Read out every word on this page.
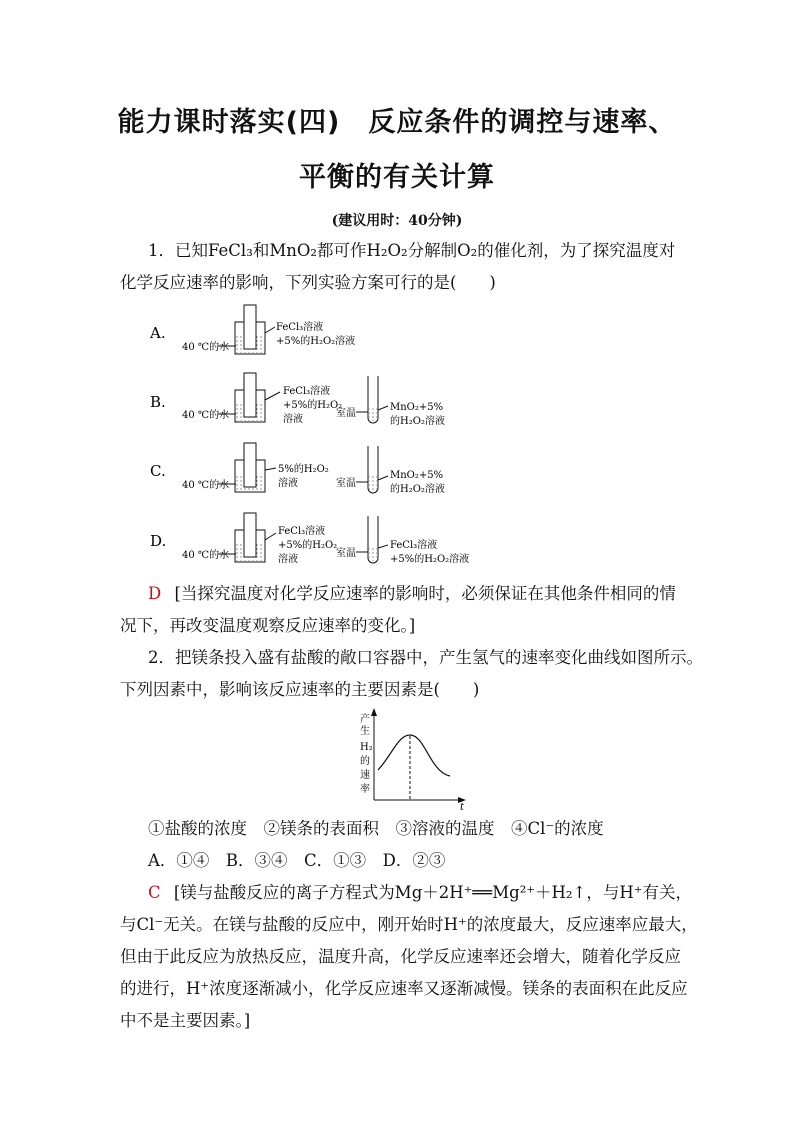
能力课时落实(四)　反应条件的调控与速率、
平衡的有关计算
(建议用时：40分钟)
1．已知FeCl₃和MnO₂都可作H₂O₂分解制O₂的催化剂，为了探究温度对
化学反应速率的影响，下列实验方案可行的是(　　)
A.
40 ℃的水
FeCl₃溶液
+5%的H₂O₂溶液
B.
40 ℃的水
FeCl₃溶液
+5%的H₂O₂
溶液
室温
MnO₂+5%
的H₂O₂溶液
C.
40 ℃的水
5%的H₂O₂
溶液	室温
MnO₂+5%
的H₂O₂溶液
D.
40 ℃的水
FeCl₃溶液
+5%的H₂O₂
溶液
室温
FeCl₃溶液
+5%的H₂O₂溶液
产
生
H₂
的
速
率
t
D [当探究温度对化学反应速率的影响时，必须保证在其他条件相同的情
况下，再改变温度观察反应速率的变化。]
2．把镁条投入盛有盐酸的敞口容器中，产生氢气的速率变化曲线如图所示。
下列因素中，影响该反应速率的主要因素是(　　)
①盐酸的浓度　②镁条的表面积　③溶液的温度　④Cl⁻的浓度
A．①④　B．③④　C．①③　D．②③
C [镁与盐酸反应的离子方程式为Mg＋2H⁺══Mg²⁺＋H₂↑，与H⁺有关，
与Cl⁻无关。在镁与盐酸的反应中，刚开始时H⁺的浓度最大，反应速率应最大，
但由于此反应为放热反应，温度升高，化学反应速率还会增大，随着化学反应
的进行，H⁺浓度逐渐减小，化学反应速率又逐渐减慢。镁条的表面积在此反应
中不是主要因素。]
